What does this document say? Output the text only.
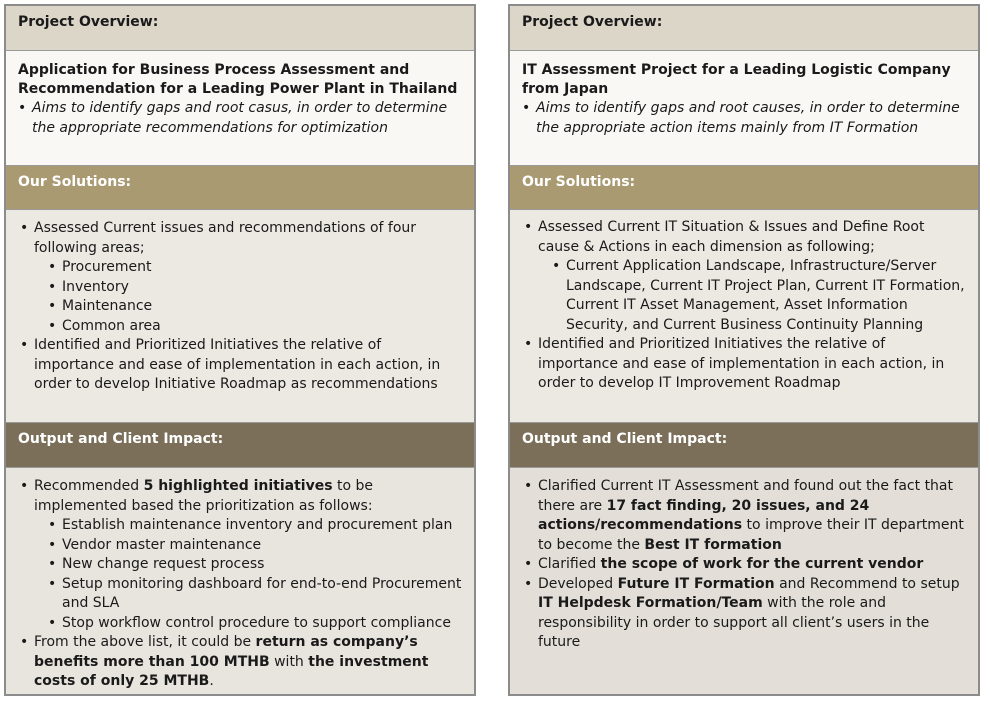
Project Overview:

Application for Business Process Assessment and Recommendation for a Leading Power Plant in Thailand

• Aims to identify gaps and root casus, in order to determine the appropriate recommendations for optimization
Our Solutions:
• Assessed Current issues and recommendations of four following areas;
• Procurement
• Inventory
• Maintenance
• Common area
• Identified and Prioritized Initiatives the relative of importance and ease of implementation in each action, in order to develop Initiative Roadmap as recommendations
Output and Client Impact:
• Recommended 5 highlighted initiatives to be implemented based the prioritization as follows:
• Establish maintenance inventory and procurement plan
• Vendor master maintenance
• New change request process
• Setup monitoring dashboard for end-to-end Procurement and SLA
• Stop workflow control procedure to support compliance
• From the above list, it could be return as company’s benefits more than 100 MTHB with the investment costs of only 25 MTHB.
Project Overview:

IT Assessment Project for a Leading Logistic Company from Japan

• Aims to identify gaps and root causes, in order to determine the appropriate action items mainly from IT Formation
Our Solutions:
• Assessed Current IT Situation & Issues and Define Root cause & Actions in each dimension as following;
• Current Application Landscape, Infrastructure/Server Landscape, Current IT Project Plan, Current IT Formation, Current IT Asset Management, Asset Information Security, and Current Business Continuity Planning
• Identified and Prioritized Initiatives the relative of importance and ease of implementation in each action, in order to develop IT Improvement Roadmap
Output and Client Impact:
• Clarified Current IT Assessment and found out the fact that there are 17 fact finding, 20 issues, and 24 actions/recommendations to improve their IT department to become the Best IT formation
• Clarified the scope of work for the current vendor
• Developed Future IT Formation and Recommend to setup IT Helpdesk Formation/Team with the role and responsibility in order to support all client’s users in the future
